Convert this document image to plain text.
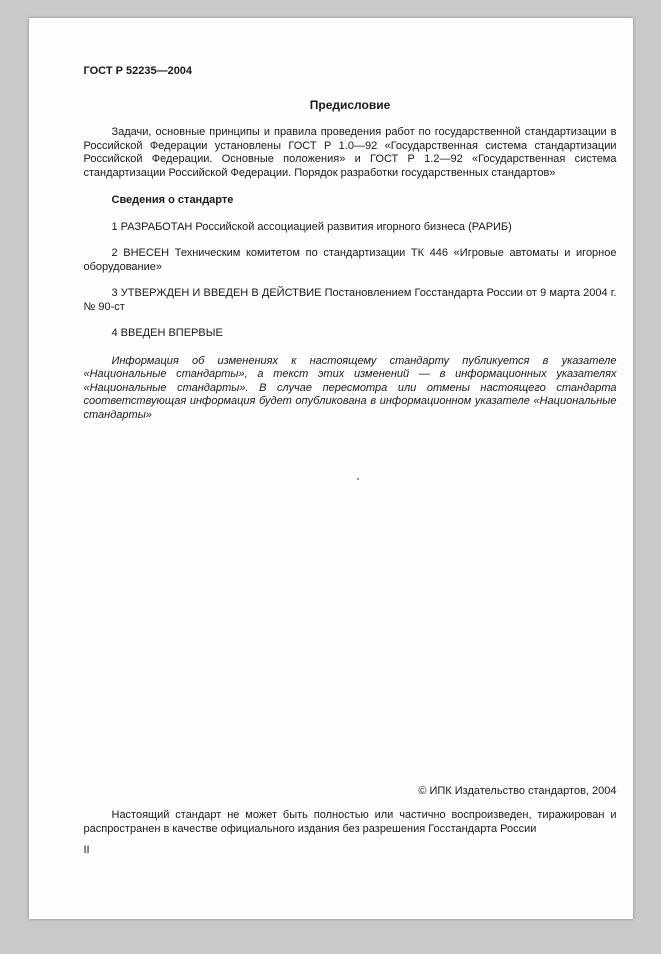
ГОСТ Р 52235—2004

Предисловие

Задачи, основные принципы и правила проведения работ по государственной стандартизации в Российской Федерации установлены ГОСТ Р 1.0—92 «Государственная система стандартизации Российской Федерации. Основные положения» и ГОСТ Р 1.2—92 «Государственная система стандартизации Российской Федерации. Порядок разработки государственных стандартов»

Сведения о стандарте

1 РАЗРАБОТАН Российской ассоциацией развития игорного бизнеса (РАРИБ)

2 ВНЕСЕН Техническим комитетом по стандартизации ТК 446 «Игровые автоматы и игорное оборудование»

3 УТВЕРЖДЕН И ВВЕДЕН В ДЕЙСТВИЕ Постановлением Госстандарта России от 9 марта 2004 г. № 90-ст

4 ВВЕДЕН ВПЕРВЫЕ

Информация об изменениях к настоящему стандарту публикуется в указателе «Национальные стандарты», а текст этих изменений — в информационных указателях «Национальные стандарты». В случае пересмотра или отмены настоящего стандарта соответствующая информация будет опубликована в информационном указателе «Национальные стандарты»

© ИПК Издательство стандартов, 2004

Настоящий стандарт не может быть полностью или частично воспроизведен, тиражирован и распространен в качестве официального издания без разрешения Госстандарта России

II
